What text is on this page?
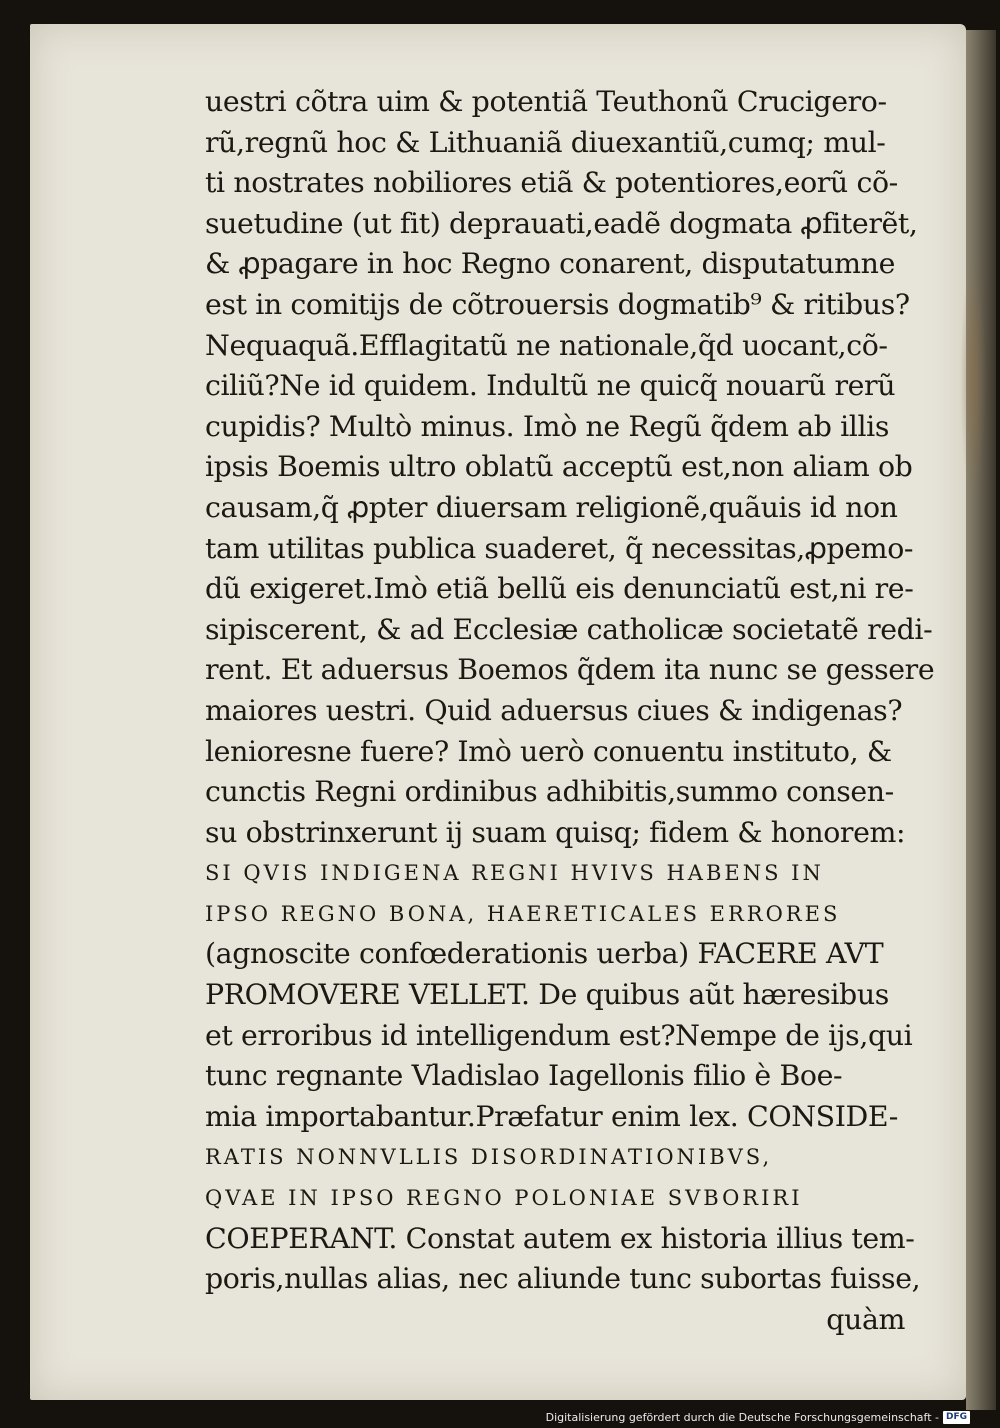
uestri cõtra uim & potentiã Teuthonũ Crucigero-
rũ,regnũ hoc & Lithuaniã diuexantiũ,cumq; mul-
ti nostrates nobiliores etiã & potentiores,eorũ cõ-
suetudine (ut fit) deprauati,eadẽ dogmata ꝓfiterẽt,
& ꝓpagare in hoc Regno conarent, disputatumne
est in comitijs de cõtrouersis dogmatib⁹ & ritibus?
Nequaquã.Efflagitatũ ne nationale,q̃d uocant,cõ-
ciliũ?Ne id quidem. Indultũ ne quicq̃ nouarũ rerũ
cupidis? Multò minus. Imò ne Regũ q̃dem ab illis
ipsis Boemis ultro oblatũ acceptũ est,non aliam ob
causam,q̃ ꝓpter diuersam religionẽ,quãuis id non
tam utilitas publica suaderet, q̃ necessitas,ꝓpemo-
dũ exigeret.Imò etiã bellũ eis denunciatũ est,ni re-
sipiscerent, & ad Ecclesiæ catholicæ societatẽ redi-
rent. Et aduersus Boemos q̃dem ita nunc se gessere
maiores uestri. Quid aduersus ciues & indigenas?
lenioresne fuere? Imò uerò conuentu instituto, &
cunctis Regni ordinibus adhibitis,summo consen-
su obstrinxerunt ij suam quisq; fidem & honorem:
SI QVIS INDIGENA REGNI HVIVS HABENS IN
IPSO REGNO BONA, HAERETICALES ERRORES
(agnoscite confœderationis uerba) FACERE AVT
PROMOVERE VELLET. De quibus aũt hæresibus
et erroribus id intelligendum est?Nempe de ijs,qui
tunc regnante Vladislao Iagellonis filio è Boe-
mia importabantur.Præfatur enim lex. CONSIDE-
RATIS NONNVLLIS DISORDINATIONIBVS,
QVAE IN IPSO REGNO POLONIAE SVBORIRI
COEPERANT. Constat autem ex historia illius tem-
poris,nullas alias, nec aliunde tunc subortas fuisse,
quàm
Digitalisierung gefördert durch die Deutsche Forschungsgemeinschaft - DFG
